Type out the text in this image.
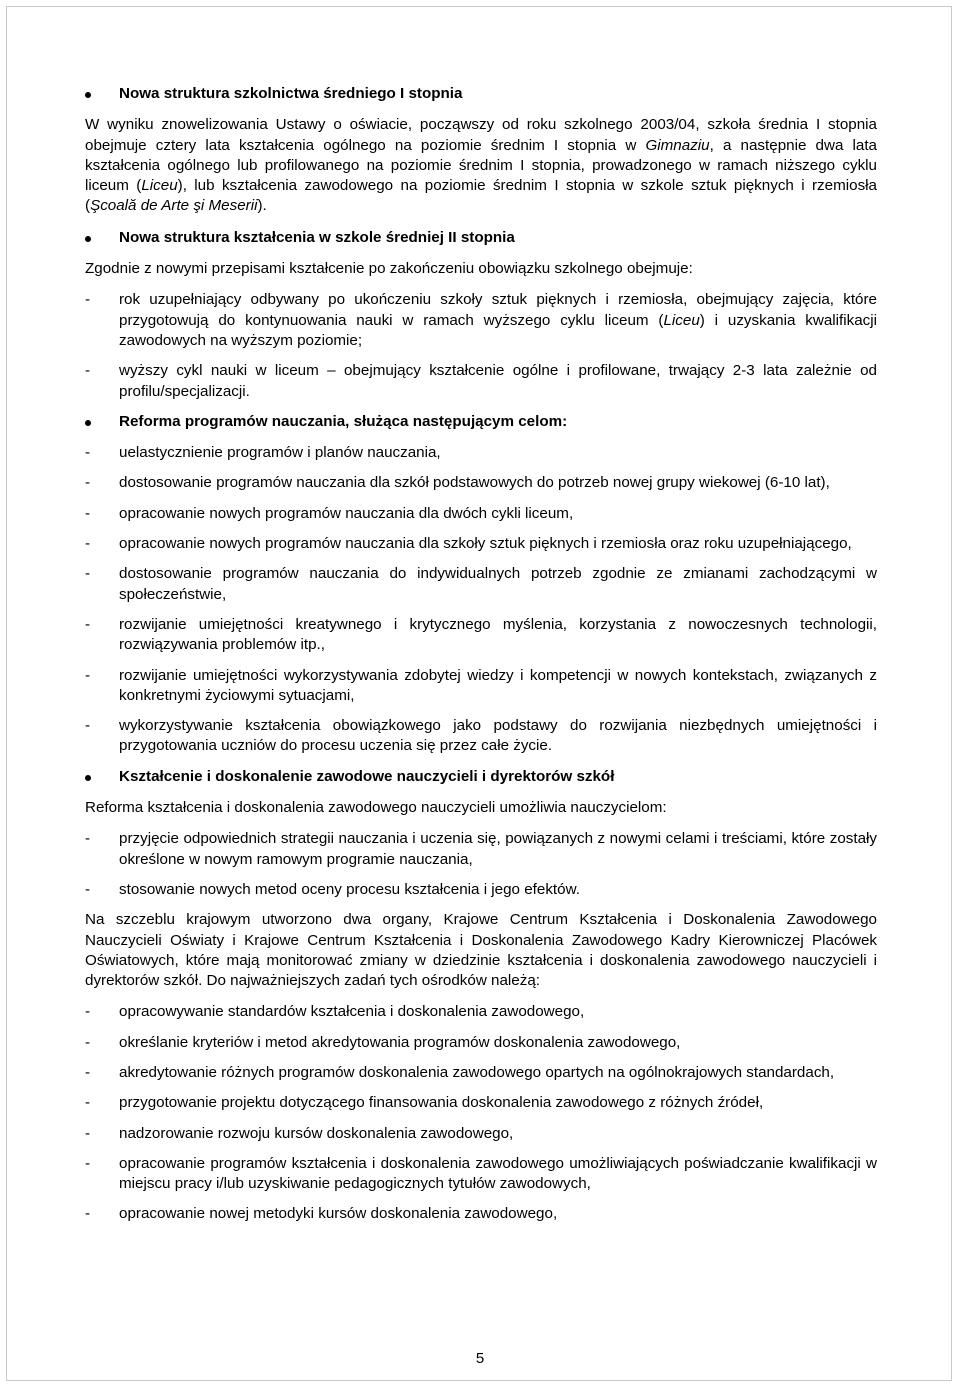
Nowa struktura szkolnictwa średniego I stopnia

W wyniku znowelizowania Ustawy o oświacie, począwszy od roku szkolnego 2003/04, szkoła średnia I stopnia obejmuje cztery lata kształcenia ogólnego na poziomie średnim I stopnia w Gimnaziu, a następnie dwa lata kształcenia ogólnego lub profilowanego na poziomie średnim I stopnia, prowadzonego w ramach niższego cyklu liceum (Liceu), lub kształcenia zawodowego na poziomie średnim I stopnia w szkole sztuk pięknych i rzemiosła (Şcoală de Arte şi Meserii).

Nowa struktura kształcenia w szkole średniej II stopnia

Zgodnie z nowymi przepisami kształcenie po zakończeniu obowiązku szkolnego obejmuje:

- rok uzupełniający odbywany po ukończeniu szkoły sztuk pięknych i rzemiosła, obejmujący zajęcia, które przygotowują do kontynuowania nauki w ramach wyższego cyklu liceum (Liceu) i uzyskania kwalifikacji zawodowych na wyższym poziomie;
- wyższy cykl nauki w liceum – obejmujący kształcenie ogólne i profilowane, trwający 2-3 lata zależnie od profilu/specjalizacji.
Reforma programów nauczania, służąca następującym celom:
- uelastycznienie programów i planów nauczania,
- dostosowanie programów nauczania dla szkół podstawowych do potrzeb nowej grupy wiekowej (6-10 lat),
- opracowanie nowych programów nauczania dla dwóch cykli liceum,
- opracowanie nowych programów nauczania dla szkoły sztuk pięknych i rzemiosła oraz roku uzupełniającego,
- dostosowanie programów nauczania do indywidualnych potrzeb zgodnie ze zmianami zachodzącymi w społeczeństwie,
- rozwijanie umiejętności kreatywnego i krytycznego myślenia, korzystania z nowoczesnych technologii, rozwiązywania problemów itp.,
- rozwijanie umiejętności wykorzystywania zdobytej wiedzy i kompetencji w nowych kontekstach, związanych z konkretnymi życiowymi sytuacjami,
- wykorzystywanie kształcenia obowiązkowego jako podstawy do rozwijania niezbędnych umiejętności i przygotowania uczniów do procesu uczenia się przez całe życie.
Kształcenie i doskonalenie zawodowe nauczycieli i dyrektorów szkół

Reforma kształcenia i doskonalenia zawodowego nauczycieli umożliwia nauczycielom:

- przyjęcie odpowiednich strategii nauczania i uczenia się, powiązanych z nowymi celami i treściami, które zostały określone w nowym ramowym programie nauczania,
- stosowanie nowych metod oceny procesu kształcenia i jego efektów.

Na szczeblu krajowym utworzono dwa organy, Krajowe Centrum Kształcenia i Doskonalenia Zawodowego Nauczycieli Oświaty i Krajowe Centrum Kształcenia i Doskonalenia Zawodowego Kadry Kierowniczej Placówek Oświatowych, które mają monitorować zmiany w dziedzinie kształcenia i doskonalenia zawodowego nauczycieli i dyrektorów szkół. Do najważniejszych zadań tych ośrodków należą:

- opracowywanie standardów kształcenia i doskonalenia zawodowego,
- określanie kryteriów i metod akredytowania programów doskonalenia zawodowego,
- akredytowanie różnych programów doskonalenia zawodowego opartych na ogólnokrajowych standardach,
- przygotowanie projektu dotyczącego finansowania doskonalenia zawodowego z różnych źródeł,
- nadzorowanie rozwoju kursów doskonalenia zawodowego,
- opracowanie programów kształcenia i doskonalenia zawodowego umożliwiających poświadczanie kwalifikacji w miejscu pracy i/lub uzyskiwanie pedagogicznych tytułów zawodowych,
- opracowanie nowej metodyki kursów doskonalenia zawodowego,
5
